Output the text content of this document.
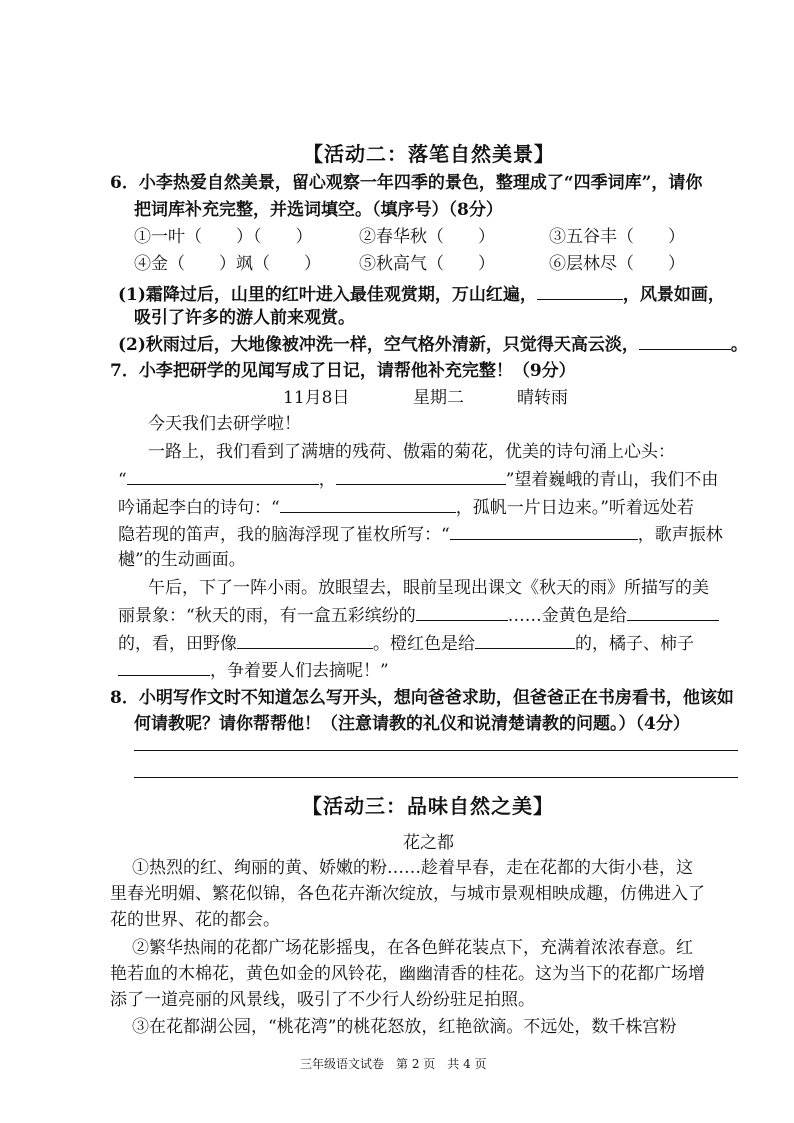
【活动二：落笔自然美景】
6．小李热爱自然美景，留心观察一年四季的景色，整理成了“四季词库”，请你
把词库补充完整，并选词填空。（填序号）（8分）
①一叶（　　）（　　）	②春华秋（　　）	③五谷丰（　　）
④金（　　）飒（　　） ⑤秋高气（　　）	⑥层林尽（　　）
(1)霜降过后，山里的红叶进入最佳观赏期，万山红遍，	，风景如画，
吸引了许多的游人前来观赏。
(2)秋雨过后，大地像被冲洗一样，空气格外清新，只觉得天高云淡，	。
7．小李把研学的见闻写成了日记，请帮他补充完整！（9分）
11月8日	星期二	晴转雨
今天我们去研学啦！
一路上，我们看到了满塘的残荷、傲霜的菊花，优美的诗句涌上心头：
“	，	”望着巍峨的青山，我们不由
吟诵起李白的诗句：“	，孤帆一片日边来。”听着远处若
隐若现的笛声，我的脑海浮现了崔枚所写：“	，歌声振林
樾”的生动画面。
午后，下了一阵小雨。放眼望去，眼前呈现出课文《秋天的雨》所描写的美
丽景象：“秋天的雨，有一盒五彩缤纷的	……金黄色是给
的，看，田野像	。橙红色是给	的，橘子、柿子
，争着要人们去摘呢！”
8．小明写作文时不知道怎么写开头，想向爸爸求助，但爸爸正在书房看书，他该如
何请教呢？请你帮帮他！（注意请教的礼仪和说清楚请教的问题。）（4分）
【活动三：品味自然之美】
花之都
①热烈的红、绚丽的黄、娇嫩的粉……趁着早春，走在花都的大街小巷，这
里春光明媚、繁花似锦，各色花卉渐次绽放，与城市景观相映成趣，仿佛进入了
花的世界、花的都会。
②繁华热闹的花都广场花影摇曳，在各色鲜花装点下，充满着浓浓春意。红
艳若血的木棉花，黄色如金的风铃花，幽幽清香的桂花。这为当下的花都广场增
添了一道亮丽的风景线，吸引了不少行人纷纷驻足拍照。
③在花都湖公园，“桃花湾”的桃花怒放，红艳欲滴。不远处，数千株宫粉
三年级语文试卷　第 2 页　共 4 页
